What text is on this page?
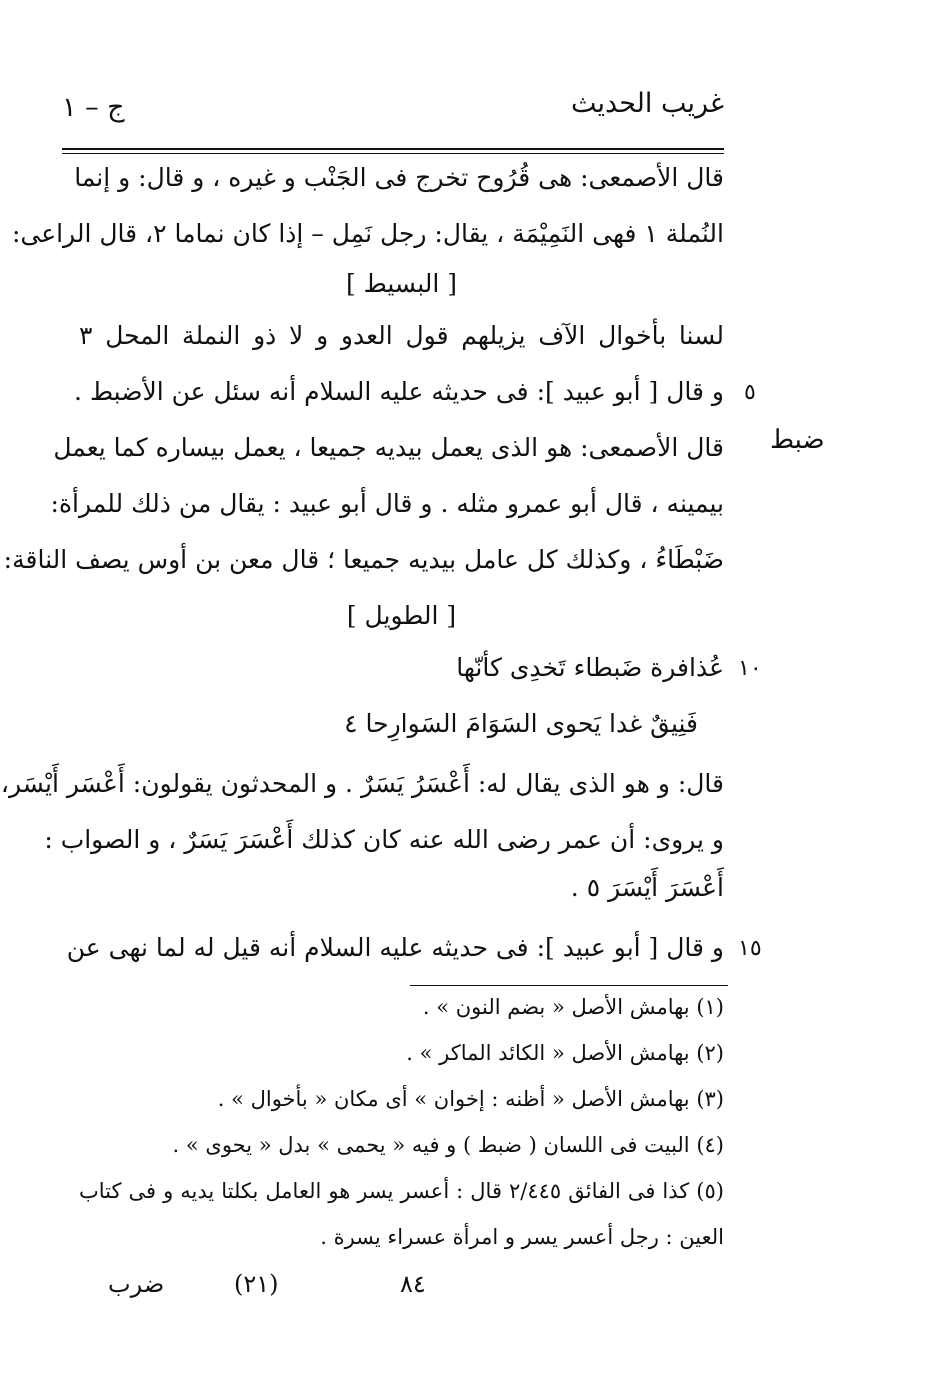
غريب الحديث
ج – ١
قال الأصمعى: هى قُرُوح تخرج فى الجَنْب و غيره ، و قال: و إنما
النُملة ١ فهى النَمِيْمَة ، يقال: رجل نَمِل – إذا كان نماما ٢، قال الراعى:
[ البسيط ]
لسنا بأخوال الآف يزيلهم قول العدو و لا ذو النملة المحل ٣
و قال [ أبو عبيد ]: فى حديثه عليه السلام أنه سئل عن الأضبط .
قال الأصمعى: هو الذى يعمل بيديه جميعا ، يعمل بيساره كما يعمل
بيمينه ، قال أبو عمرو مثله . و قال أبو عبيد : يقال من ذلك للمرأة:
ضَبْطَاءُ ، وكذلك كل عامل بيديه جميعا ؛ قال معن بن أوس يصف الناقة:
[ الطويل ]
عُذافرة ضَبطاء تَخدِى كأنّها
فَنِيقٌ غدا يَحوى السَوَامَ السَوارِحا ٤
قال: و هو الذى يقال له: أَعْسَرُ يَسَرٌ . و المحدثون يقولون: أَعْسَر أَيْسَر،
و يروى: أن عمر رضى الله عنه كان كذلك أَعْسَرَ يَسَرٌ ، و الصواب :
أَعْسَرَ أَيْسَرَ ٥ .
و قال [ أبو عبيد ]: فى حديثه عليه السلام أنه قيل له لما نهى عن
٥
١٠
١٥
ضبط
(١) بهامش الأصل « بضم النون » .
(٢) بهامش الأصل « الكائد الماكر » .
(٣) بهامش الأصل « أظنه : إخوان » أى مكان « بأخوال » .
(٤) البيت فى اللسان ( ضبط ) و فيه « يحمى » بدل « يحوى » .
(٥) كذا فى الفائق ٢/٤٤٥ قال : أعسر يسر هو العامل بكلتا يديه و فى كتاب
العين : رجل أعسر يسر و امرأة عسراء يسرة .
ضرب	(٢١)	٨٤
